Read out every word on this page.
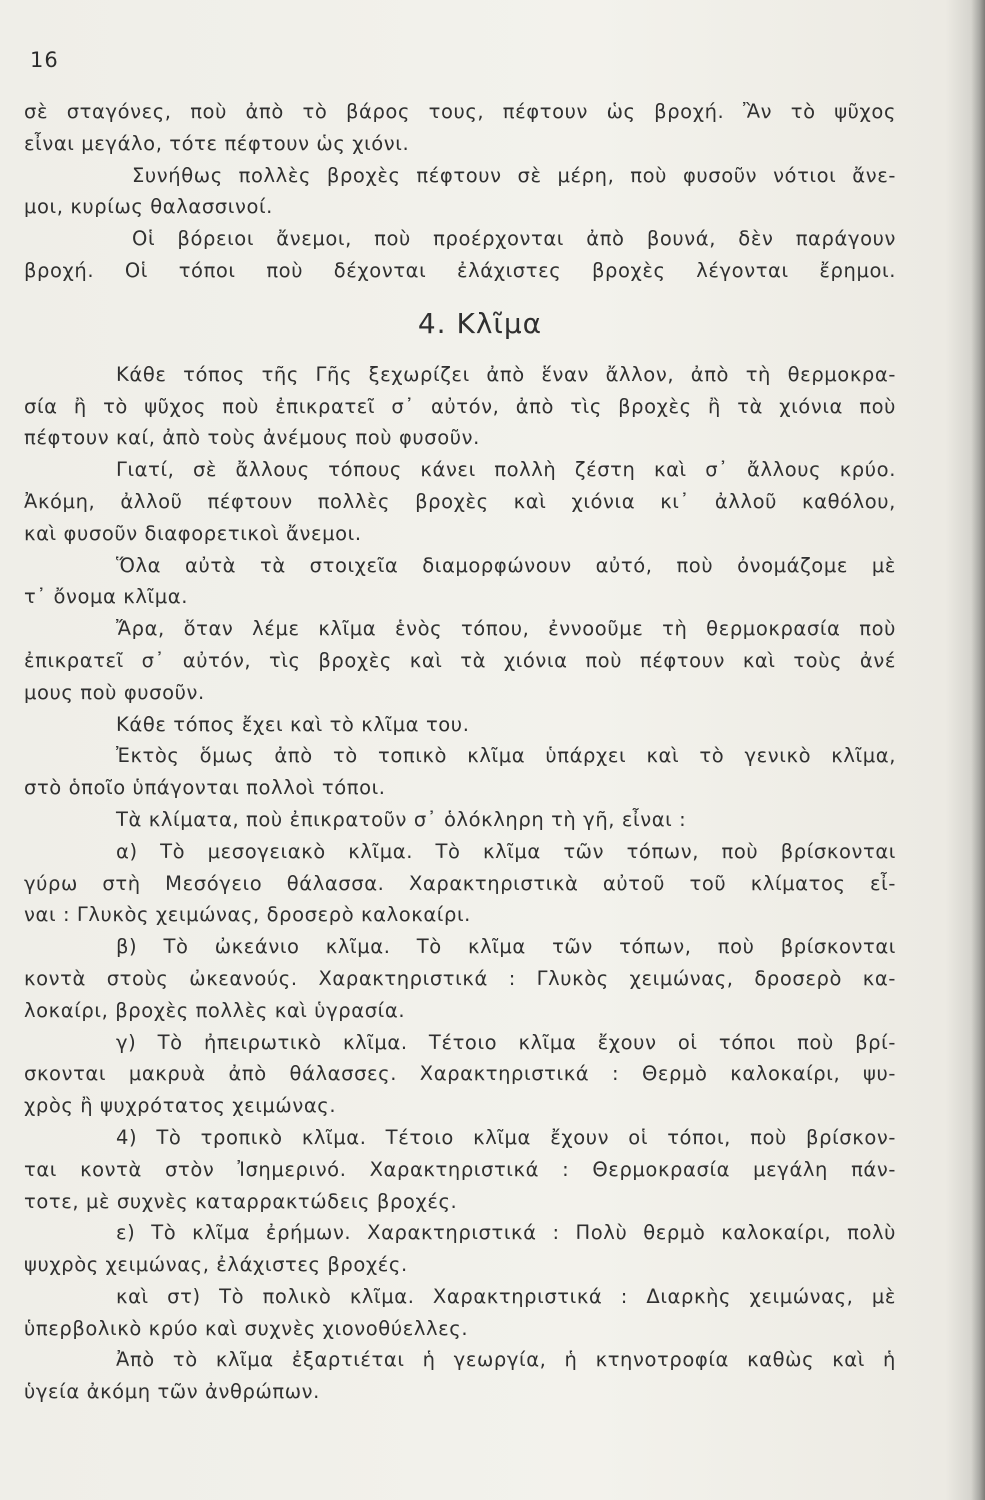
16
σὲ σταγόνες, ποὺ ἀπὸ τὸ βάρος τους, πέφτουν ὡς βροχή. Ἂν τὸ ψῦχος
εἶναι μεγάλο, τότε πέφτουν ὡς χιόνι.
Συνήθως πολλὲς βροχὲς πέφτουν σὲ μέρη, ποὺ φυσοῦν νότιοι ἄνε-
μοι, κυρίως θαλασσινοί.
Οἱ βόρειοι ἄνεμοι, ποὺ προέρχονται ἀπὸ βουνά, δὲν παράγουν
βροχή. Οἱ τόποι ποὺ δέχονται ἐλάχιστες βροχὲς λέγονται ἔρημοι.
4. Κλῖμα
Κάθε τόπος τῆς Γῆς ξεχωρίζει ἀπὸ ἕναν ἄλλον, ἀπὸ τὴ θερμοκρα-
σία ἢ τὸ ψῦχος ποὺ ἐπικρατεῖ σ᾽ αὐτόν, ἀπὸ τὶς βροχὲς ἢ τὰ χιόνια ποὺ
πέφτουν καί, ἀπὸ τοὺς ἀνέμους ποὺ φυσοῦν.
Γιατί, σὲ ἄλλους τόπους κάνει πολλὴ ζέστη καὶ σ᾽ ἄλλους κρύο.
Ἀκόμη, ἀλλοῦ πέφτουν πολλὲς βροχὲς καὶ χιόνια κι᾽ ἀλλοῦ καθόλου,
καὶ φυσοῦν διαφορετικοὶ ἄνεμοι.
Ὅλα αὐτὰ τὰ στοιχεῖα διαμορφώνουν αὐτό, ποὺ ὀνομάζομε μὲ
τ᾽ ὄνομα κλῖμα.
Ἄρα, ὅταν λέμε κλῖμα ἑνὸς τόπου, ἐννοοῦμε τὴ θερμοκρασία ποὺ
ἐπικρατεῖ σ᾽ αὐτόν, τὶς βροχὲς καὶ τὰ χιόνια ποὺ πέφτουν καὶ τοὺς ἀνέ
μους ποὺ φυσοῦν.
Κάθε τόπος ἔχει καὶ τὸ κλῖμα του.
Ἐκτὸς ὅμως ἀπὸ τὸ τοπικὸ κλῖμα ὑπάρχει καὶ τὸ γενικὸ κλῖμα,
στὸ ὁποῖο ὑπάγονται πολλοὶ τόποι.
Τὰ κλίματα, ποὺ ἐπικρατοῦν σ᾽ ὁλόκληρη τὴ γῆ, εἶναι :
α) Τὸ μεσογειακὸ κλῖμα. Τὸ κλῖμα τῶν τόπων, ποὺ βρίσκονται
γύρω στὴ Μεσόγειο θάλασσα. Χαρακτηριστικὰ αὐτοῦ τοῦ κλίματος εἶ-
ναι : Γλυκὸς χειμώνας, δροσερὸ καλοκαίρι.
β) Τὸ ὠκεάνιο κλῖμα. Τὸ κλῖμα τῶν τόπων, ποὺ βρίσκονται
κοντὰ στοὺς ὠκεανούς. Χαρακτηριστικά : Γλυκὸς χειμώνας, δροσερὸ κα-
λοκαίρι, βροχὲς πολλὲς καὶ ὑγρασία.
γ) Τὸ ἠπειρωτικὸ κλῖμα. Τέτοιο κλῖμα ἔχουν οἱ τόποι ποὺ βρί-
σκονται μακρυὰ ἀπὸ θάλασσες. Χαρακτηριστικά : Θερμὸ καλοκαίρι, ψυ-
χρὸς ἢ ψυχρότατος χειμώνας.
4) Τὸ τροπικὸ κλῖμα. Τέτοιο κλῖμα ἔχουν οἱ τόποι, ποὺ βρίσκον-
ται κοντὰ στὸν Ἰσημερινό. Χαρακτηριστικά : Θερμοκρασία μεγάλη πάν-
τοτε, μὲ συχνὲς καταρρακτώδεις βροχές.
ε) Τὸ κλῖμα ἐρήμων. Χαρακτηριστικά : Πολὺ θερμὸ καλοκαίρι, πολὺ
ψυχρὸς χειμώνας, ἐλάχιστες βροχές.
καὶ στ) Τὸ πολικὸ κλῖμα. Χαρακτηριστικά : Διαρκὴς χειμώνας, μὲ
ὑπερβολικὸ κρύο καὶ συχνὲς χιονοθύελλες.
Ἀπὸ τὸ κλῖμα ἐξαρτιέται ἡ γεωργία, ἡ κτηνοτροφία καθὼς καὶ ἡ
ὑγεία ἀκόμη τῶν ἀνθρώπων.
